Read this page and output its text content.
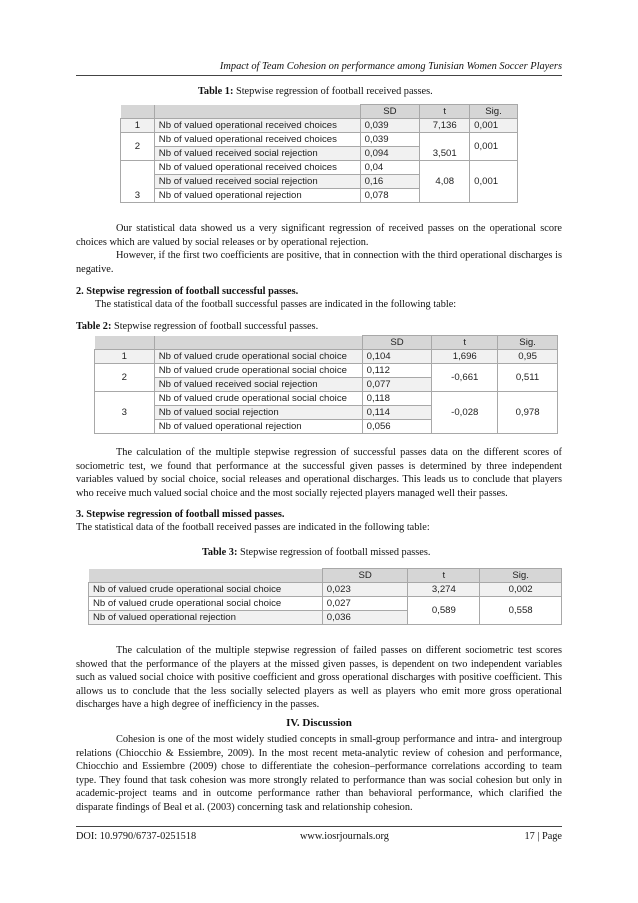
Impact of Team Cohesion on performance among Tunisian Women Soccer Players
Table 1: Stepwise regression of football received passes.
		SD	t	Sig.
1	Nb of valued operational received choices	0,039	7,136	0,001
2	Nb of valued operational received choices	0,039	3,501	0,001
	Nb of valued received social rejection	0,094		
3	Nb of valued operational received choices	0,04	4,08	0,001
	Nb of valued received social rejection	0,16		
	Nb of valued operational rejection	0,078		
Our statistical data showed us a very significant regression of received passes on the operational score choices which are valued by social releases or by operational rejection.
However, if the first two coefficients are positive, that in connection with the third operational discharges is negative.
2. Stepwise regression of football successful passes.
The statistical data of the football successful passes are indicated in the following table:
Table 2: Stepwise regression of football successful passes.
		SD	t	Sig.
1	Nb of valued crude operational social choice	0,104	1,696	0,95
2	Nb of valued crude operational social choice	0,112	-0,661	0,511
	Nb of valued received social rejection	0,077		
3	Nb of valued crude operational social choice	0,118	-0,028	0,978
	Nb of valued social rejection	0,114		
	Nb of valued operational rejection	0,056		
The calculation of the multiple stepwise regression of successful passes data on the different scores of sociometric test, we found that performance at the successful given passes is determined by three independent variables valued by social choice, social releases and operational discharges. This leads us to conclude that players who receive much valued social choice and the most socially rejected players managed well their passes.
3. Stepwise regression of football missed passes.
The statistical data of the football received passes are indicated in the following table:
Table 3: Stepwise regression of football missed passes.
	SD	t	Sig.
Nb of valued crude operational social choice	0,023	3,274	0,002
Nb of valued crude operational social choice	0,027	0,589	0,558
Nb of valued operational rejection	0,036		
The calculation of the multiple stepwise regression of failed passes on different sociometric test scores showed that the performance of the players at the missed given passes, is dependent on two independent variables such as valued social choice with positive coefficient and gross operational discharges with positive coefficient. This allows us to conclude that the less socially selected players as well as players who emit more gross operational discharges have a high degree of inefficiency in the passes.
IV. Discussion
Cohesion is one of the most widely studied concepts in small-group performance and intra- and intergroup relations (Chiocchio & Essiembre, 2009). In the most recent meta-analytic review of cohesion and performance, Chiocchio and Essiembre (2009) chose to differentiate the cohesion–performance correlations according to team type. They found that task cohesion was more strongly related to performance than was social cohesion but only in academic-project teams and in outcome performance rather than behavioral performance, which clarified the disparate findings of Beal et al. (2003) concerning task and relationship cohesion.
DOI: 10.9790/6737-0251518	www.iosrjournals.org	17 | Page
